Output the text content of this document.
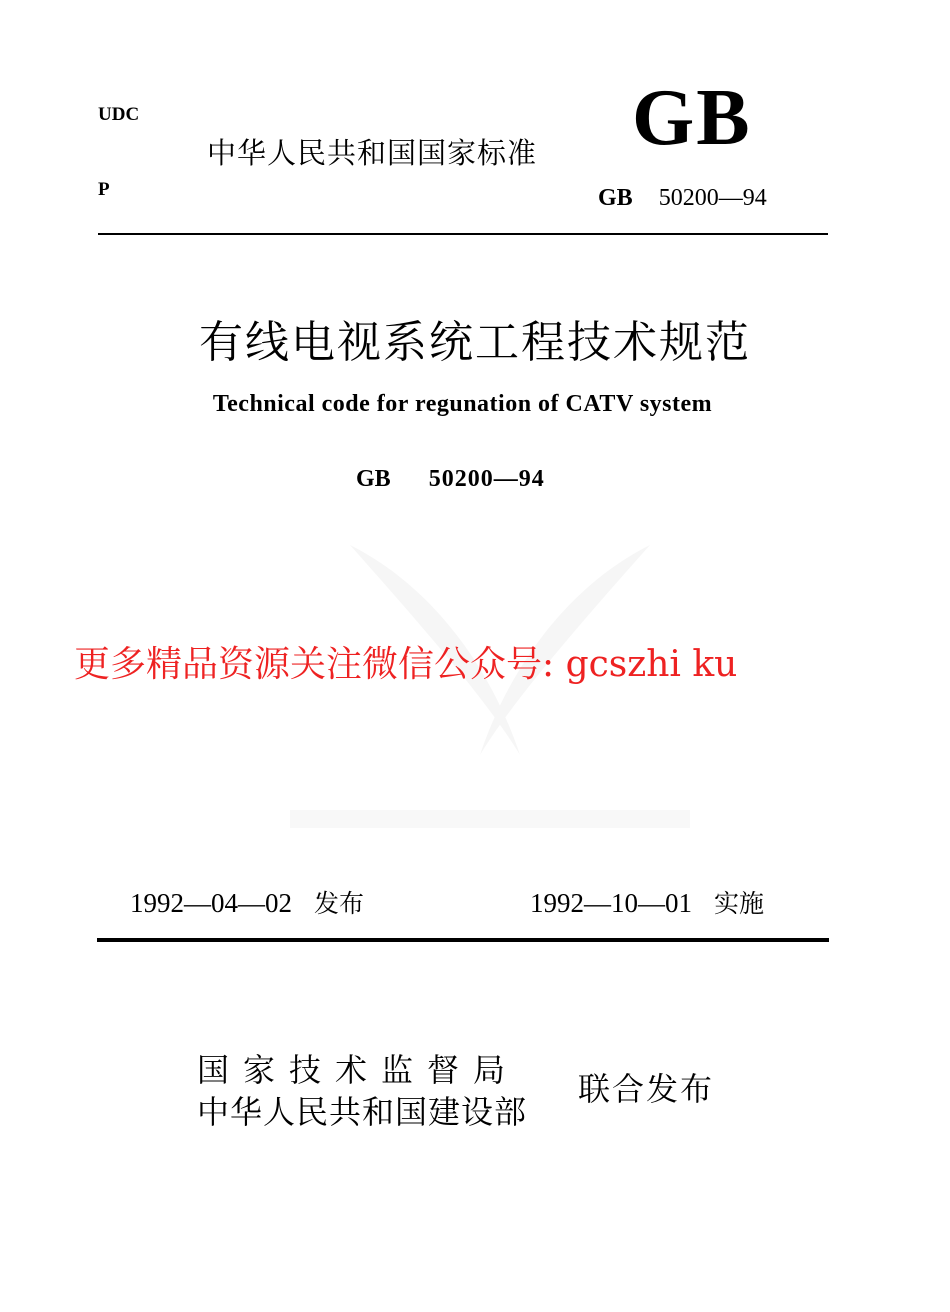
UDC
P
中华人民共和国国家标准 GB
GB 50200—94
有线电视系统工程技术规范
Technical code for regunation of CATV system
GB 50200—94
更多精品资源关注微信公众号: gcszhi ku
1992—04—02 发布	1992—10—01 实施
国家技术监督局
中华人民共和国建设部
联合发布
